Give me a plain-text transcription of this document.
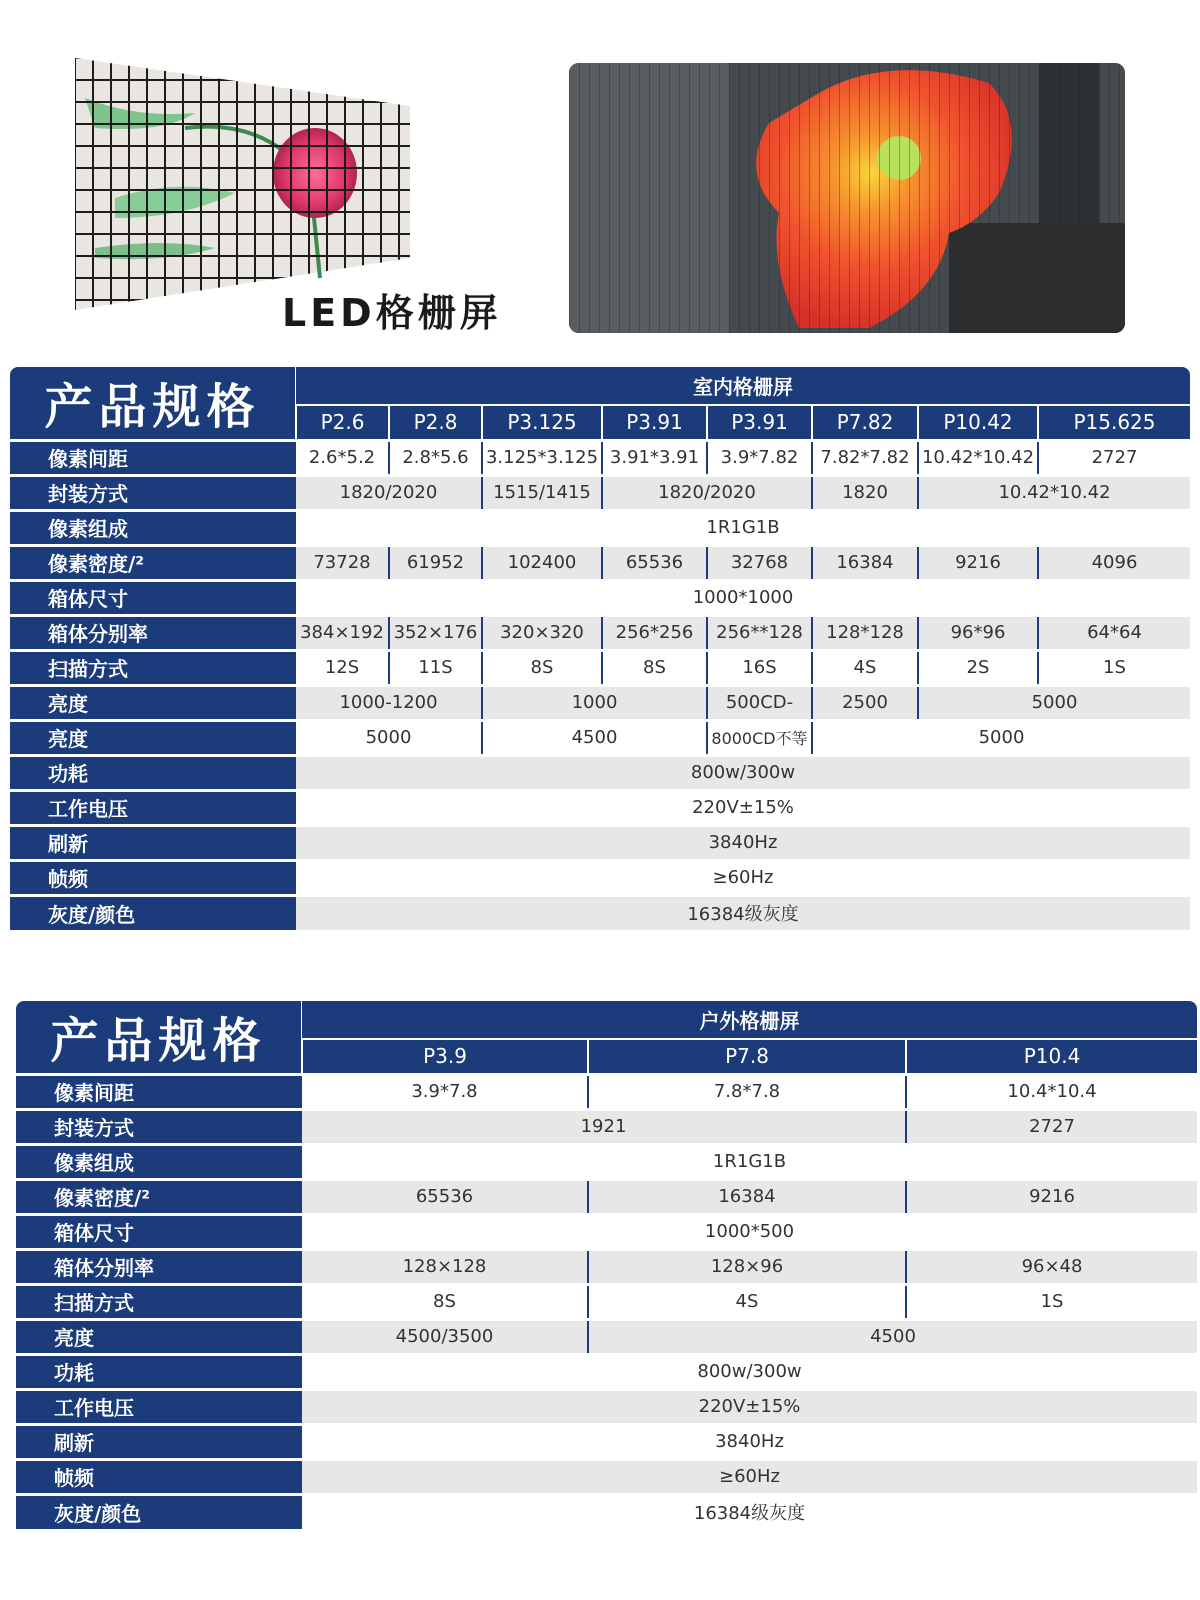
LED格栅屏
产品规格	室内格栅屏							
	P2.6	P2.8	P3.125	P3.91	P3.91	P7.82	P10.42	P15.625
像素间距	2.6*5.2	2.8*5.6	3.125*3.125	3.91*3.91	3.9*7.82	7.82*7.82	10.42*10.42	2727
封装方式	1820/2020		1515/1415	1820/2020		1820	10.42*10.42	
像素组成	1R1G1B							
像素密度/²	73728	61952	102400	65536	32768	16384	9216	4096
箱体尺寸	1000*1000							
箱体分别率	384×192	352×176	320×320	256*256	256**128	128*128	96*96	64*64
扫描方式	12S	11S	8S	8S	16S	4S	2S	1S
亮度	1000-1200		1000		500CD-	2500	5000	
亮度	5000		4500		8000CD不等	5000		
功耗	800w/300w							
工作电压	220V±15%							
刷新	3840Hz							
帧频	≥60Hz							
灰度/颜色	16384级灰度							
产品规格	户外格栅屏		
	P3.9	P7.8	P10.4
像素间距	3.9*7.8	7.8*7.8	10.4*10.4
封装方式	1921		2727
像素组成	1R1G1B		
像素密度/²	65536	16384	9216
箱体尺寸	1000*500		
箱体分别率	128×128	128×96	96×48
扫描方式	8S	4S	1S
亮度	4500/3500	4500	
功耗	800w/300w		
工作电压	220V±15%		
刷新	3840Hz		
帧频	≥60Hz		
灰度/颜色	16384级灰度		
